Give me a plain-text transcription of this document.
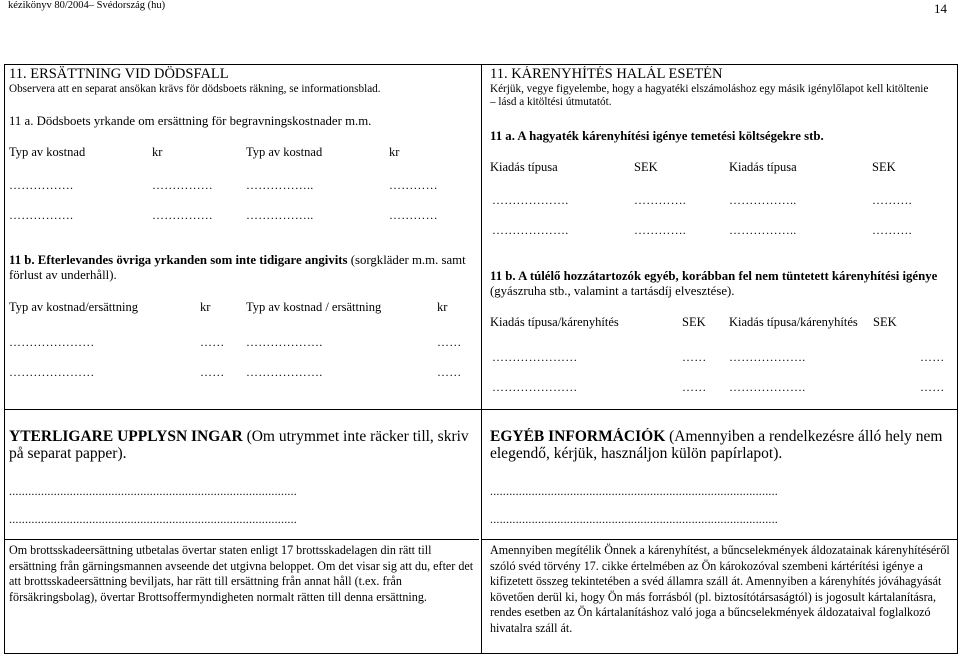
kézikönyv 80/2004– Svédország (hu)	14
11. ERSÄTTNING VID DÖDSFALL
Observera att en separat ansökan krävs för dödsboets räkning, se informationsblad.
11 a. Dödsboets yrkande om ersättning för begravningskostnader m.m.
Typ av kostnad	kr	Typ av kostnad	kr
…………….	……………	……………..	…………
…………….	……………	……………..	…………
11 b. Efterlevandes övriga yrkanden som inte tidigare angivits (sorgkläder m.m. samt förlust av underhåll).
Typ av kostnad/ersättning	kr	Typ av kostnad / ersättning	kr
…………………	…… ……………….	……
…………………	…… ……………….	……
YTERLIGARE UPPLYSN INGAR (Om utrymmet inte räcker till, skriv på separat papper).
..........................................................................................
..........................................................................................
Om brottsskadeersättning utbetalas övertar staten enligt 17 brottsskadelagen din rätt till ersättning från gärningsmannen avseende det utgivna beloppet. Om det visar sig att du, efter det att brottsskadeersättning beviljats, har rätt till ersättning från annat håll (t.ex. från försäkringsbolag), övertar Brottsoffermyndigheten normalt rätten till denna ersättning.
11. KÁRENYHÍTÉS HALÁL ESETÉN
Kérjük, vegye figyelembe, hogy a hagyatéki elszámoláshoz egy másik igénylőlapot kell kitöltenie – lásd a kitöltési útmutatót.
11 a. A hagyaték kárenyhítési igénye temetési költségekre stb.
Kiadás típusa	SEK	Kiadás típusa	SEK
……………….	………….	……………..	……….
……………….	………….	……………..	……….
11 b. A túlélő hozzátartozók egyéb, korábban fel nem tüntetett kárenyhítési igénye (gyászruha stb., valamint a tartásdíj elvesztése).
Kiadás típusa/kárenyhítés	SEK Kiadás típusa/kárenyhítés SEK
…………………	…… ……………….	……
…………………	…… ……………….	……
EGYÉB INFORMÁCIÓK (Amennyiben a rendelkezésre álló hely nem elegendő, kérjük, használjon külön papírlapot).
..........................................................................................
..........................................................................................
Amennyiben megítélik Önnek a kárenyhítést, a bűncselekmények áldozatainak kárenyhítéséről szóló svéd törvény 17. cikke értelmében az Ön károkozóval szembeni kártérítési igénye a kifizetett összeg tekintetében a svéd államra száll át. Amennyiben a kárenyhítés jóváhagyását követően derül ki, hogy Ön más forrásból (pl. biztosítótársaságtól) is jogosult kártalanításra, rendes esetben az Ön kártalanításhoz való joga a bűncselekmények áldozataival foglalkozó hivatalra száll át.
